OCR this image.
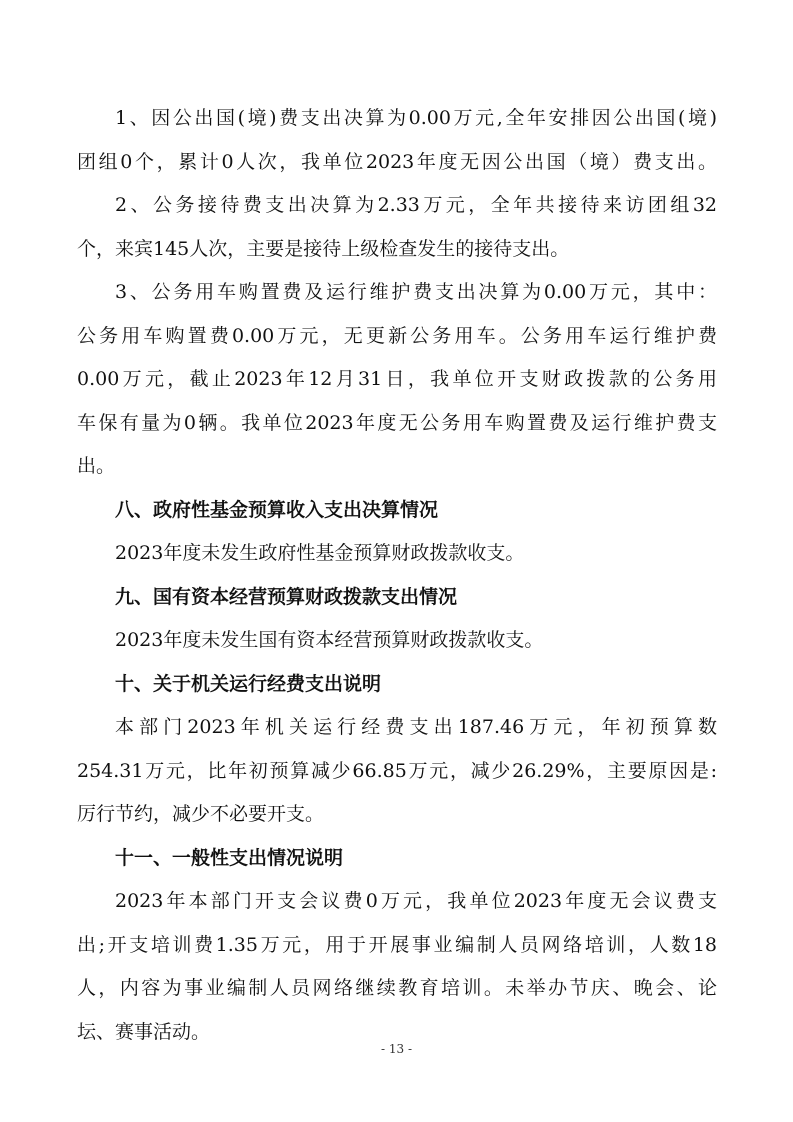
1、因公出国(境)费支出决算为0.00万元,全年安排因公出国(境)
团组0个，累计0人次，我单位2023年度无因公出国（境）费支出。
2、公务接待费支出决算为2.33万元，全年共接待来访团组32
个，来宾145人次，主要是接待上级检查发生的接待支出。
3、公务用车购置费及运行维护费支出决算为0.00万元，其中：
公务用车购置费0.00万元，无更新公务用车。公务用车运行维护费
0.00万元，截止2023年12月31日，我单位开支财政拨款的公务用
车保有量为0辆。我单位2023年度无公务用车购置费及运行维护费支
出。
八、政府性基金预算收入支出决算情况
2023年度未发生政府性基金预算财政拨款收支。
九、国有资本经营预算财政拨款支出情况
2023年度未发生国有资本经营预算财政拨款收支。
十、关于机关运行经费支出说明
本部门2023年机关运行经费支出187.46万元，年初预算数
254.31万元，比年初预算减少66.85万元，减少26.29%，主要原因是:
厉行节约，减少不必要开支。
十一、一般性支出情况说明
2023年本部门开支会议费0万元，我单位2023年度无会议费支
出;开支培训费1.35万元，用于开展事业编制人员网络培训，人数18
人，内容为事业编制人员网络继续教育培训。未举办节庆、晚会、论
坛、赛事活动。
- 13 -
